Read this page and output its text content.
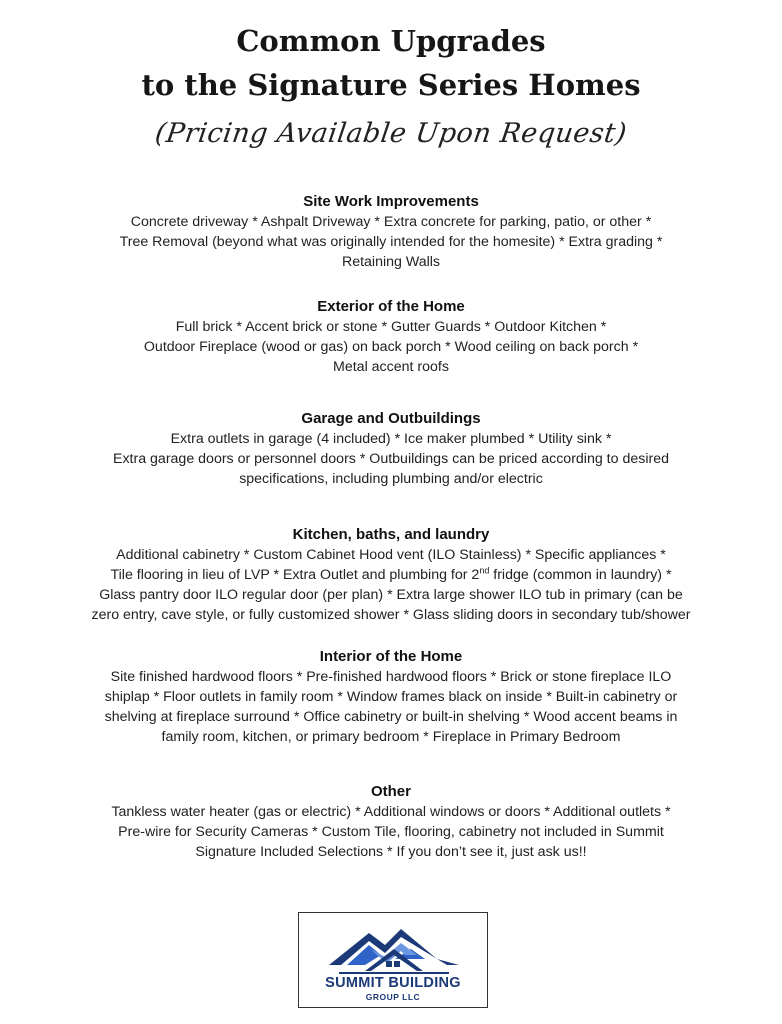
Common Upgrades
to the Signature Series Homes
(Pricing Available Upon Request)
Site Work Improvements

Concrete driveway * Ashpalt Driveway * Extra concrete for parking, patio, or other *

Tree Removal (beyond what was originally intended for the homesite) * Extra grading *

Retaining Walls

Exterior of the Home

Full brick * Accent brick or stone * Gutter Guards * Outdoor Kitchen *

Outdoor Fireplace (wood or gas) on back porch * Wood ceiling on back porch *

Metal accent roofs

Garage and Outbuildings

Extra outlets in garage (4 included) * Ice maker plumbed * Utility sink *

Extra garage doors or personnel doors * Outbuildings can be priced according to desired

specifications, including plumbing and/or electric

Kitchen, baths, and laundry

Additional cabinetry * Custom Cabinet Hood vent (ILO Stainless) * Specific appliances *

Tile flooring in lieu of LVP * Extra Outlet and plumbing for 2nd fridge (common in laundry) *

Glass pantry door ILO regular door (per plan) * Extra large shower ILO tub in primary (can be

zero entry, cave style, or fully customized shower * Glass sliding doors in secondary tub/shower

Interior of the Home

Site finished hardwood floors * Pre-finished hardwood floors * Brick or stone fireplace ILO

shiplap * Floor outlets in family room * Window frames black on inside * Built-in cabinetry or

shelving at fireplace surround * Office cabinetry or built-in shelving * Wood accent beams in

family room, kitchen, or primary bedroom * Fireplace in Primary Bedroom

Other

Tankless water heater (gas or electric) * Additional windows or doors * Additional outlets *

Pre-wire for Security Cameras * Custom Tile, flooring, cabinetry not included in Summit

Signature Included Selections * If you don’t see it, just ask us!!

SUMMIT BUILDING
GROUP LLC
